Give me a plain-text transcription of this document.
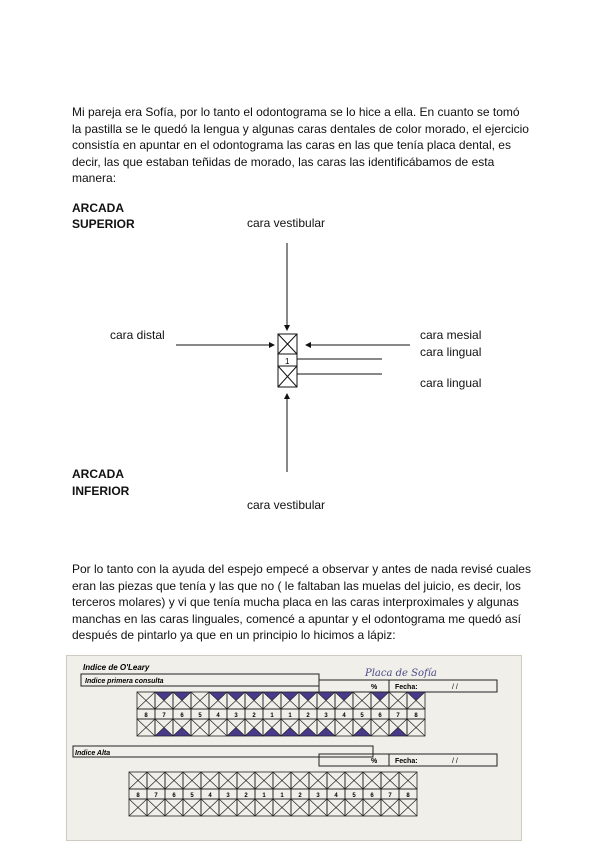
Mi pareja era Sofía, por lo tanto el odontograma se lo hice a ella. En cuanto se tomó la pastilla se le quedó la lengua y algunas caras dentales de color morado, el ejercicio consistía en apuntar en el odontograma las caras en las que tenía placa dental, es decir, las que estaban teñidas de morado, las caras las identificábamos de esta manera:

ARCADA
SUPERIOR	cara vestibular
cara distal	cara mesial
cara lingual
cara lingual
1
ARCADA
INFERIOR
cara vestibular

Por lo tanto con la ayuda del espejo empecé a observar y antes de nada revisé cuales eran las piezas que tenía y las que no ( le faltaban las muelas del juicio, es decir, los terceros molares) y vi que tenía mucha placa en las caras interproximales y algunas manchas en las caras linguales, comencé a apuntar y el odontograma me quedó así después de pintarlo ya que en un principio lo hicimos a lápiz:

Indice de O'Leary
Placa de Sofía
Indice primera consulta
%	Fecha:	/ /
8 7 6 5 4 3 2 1 1 2 3 4 5 6 7 8
Indice Alta
%	Fecha:	/ /
8 7 6 5 4 3 2 1 1 2 3 4 5 6 7 8
